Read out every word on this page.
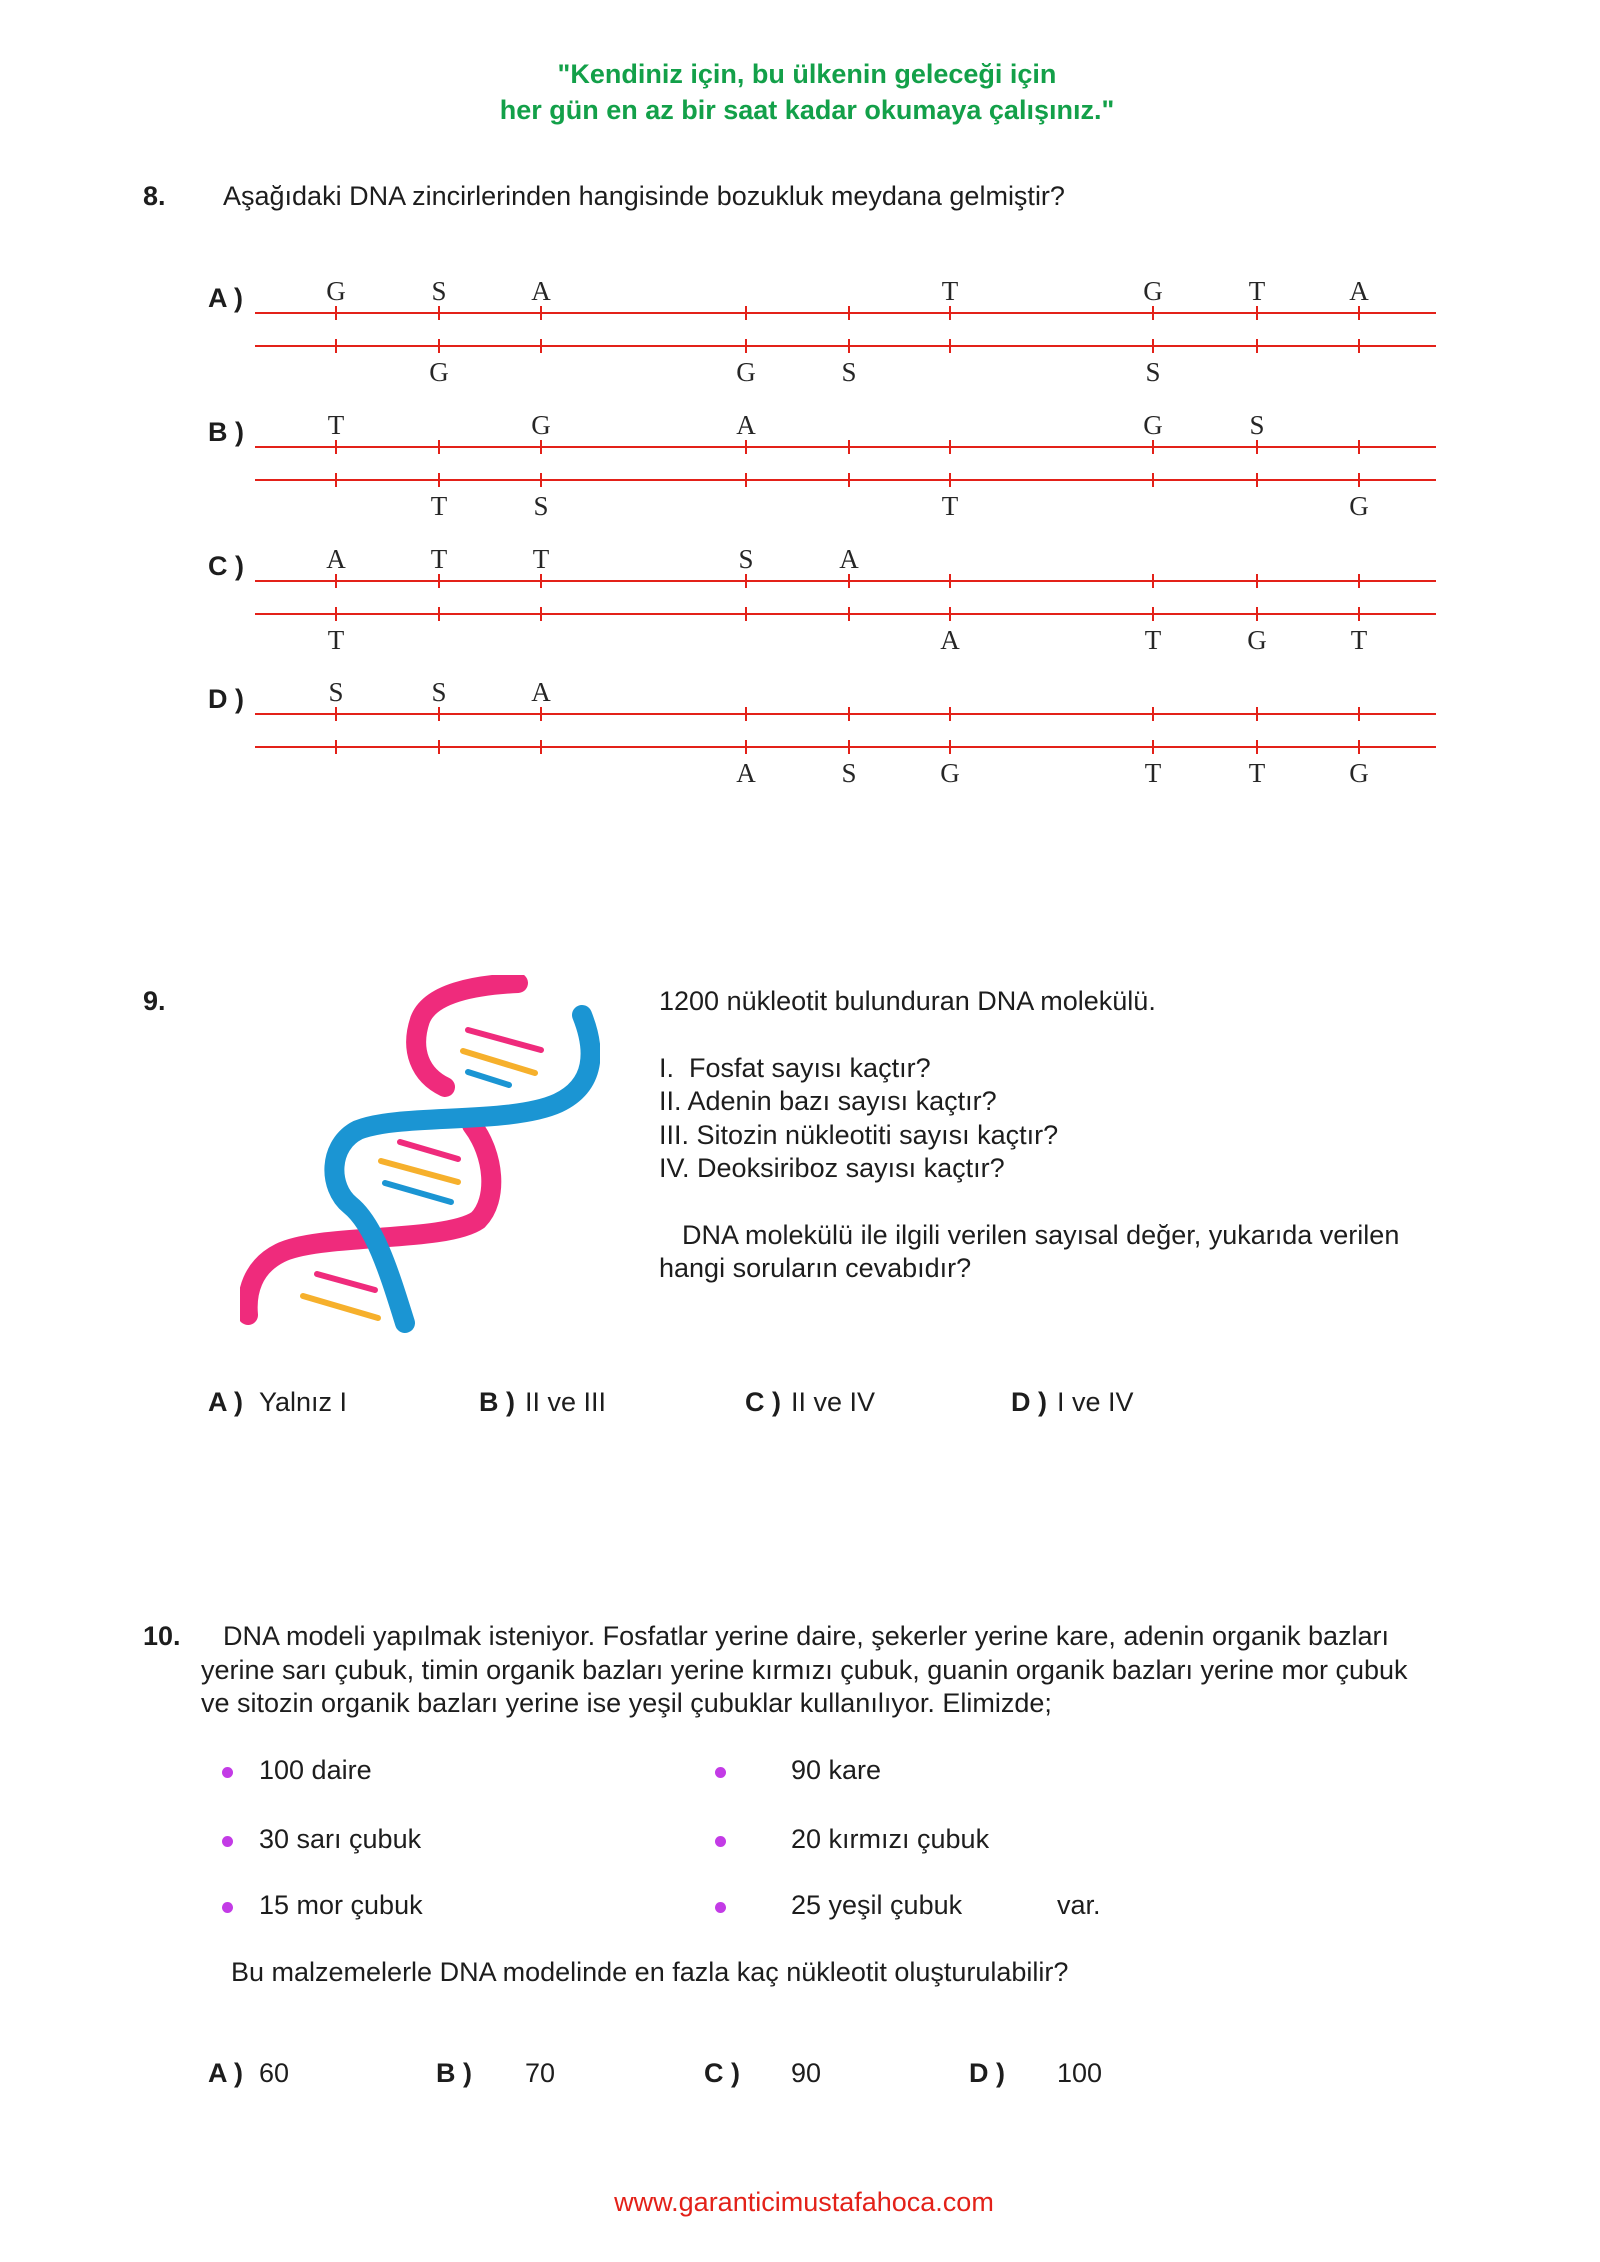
"Kendiniz için, bu ülkenin geleceği için
her gün en az bir saat kadar okumaya çalışınız."
8. Aşağıdaki DNA zincirlerinden hangisinde bozukluk meydana gelmiştir?
A )	G	S	A	T	G	T	A
G	G	S	S
B )	T	G	A	G	S
T	S	T	G
C )	A	T	T	S	A
T	A	T	G	T
D )	S	S	A
A	S	G	T	T	G
9.	1200 nükleotit bulunduran DNA molekülü.
I.  Fosfat sayısı kaçtır?
II. Adenin bazı sayısı kaçtır?
III. Sitozin nükleotiti sayısı kaçtır?
IV. Deoksiriboz sayısı kaçtır?
DNA molekülü ile ilgili verilen sayısal değer, yukarıda verilen
hangi soruların cevabıdır?
A ) Yalnız I	B ) II ve III	C ) II ve IV	D ) I ve IV
10. DNA modeli yapılmak isteniyor. Fosfatlar yerine daire, şekerler yerine kare, adenin organik bazları
yerine sarı çubuk, timin organik bazları yerine kırmızı çubuk, guanin organik bazları yerine mor çubuk
ve sitozin organik bazları yerine ise yeşil çubuklar kullanılıyor. Elimizde;
100 daire	90 kare
30 sarı çubuk	20 kırmızı çubuk
15 mor çubuk	25 yeşil çubuk	var.
Bu malzemelerle DNA modelinde en fazla kaç nükleotit oluşturulabilir?
A ) 60	B ) 70	C ) 90	D ) 100
www.garanticimustafahoca.com
